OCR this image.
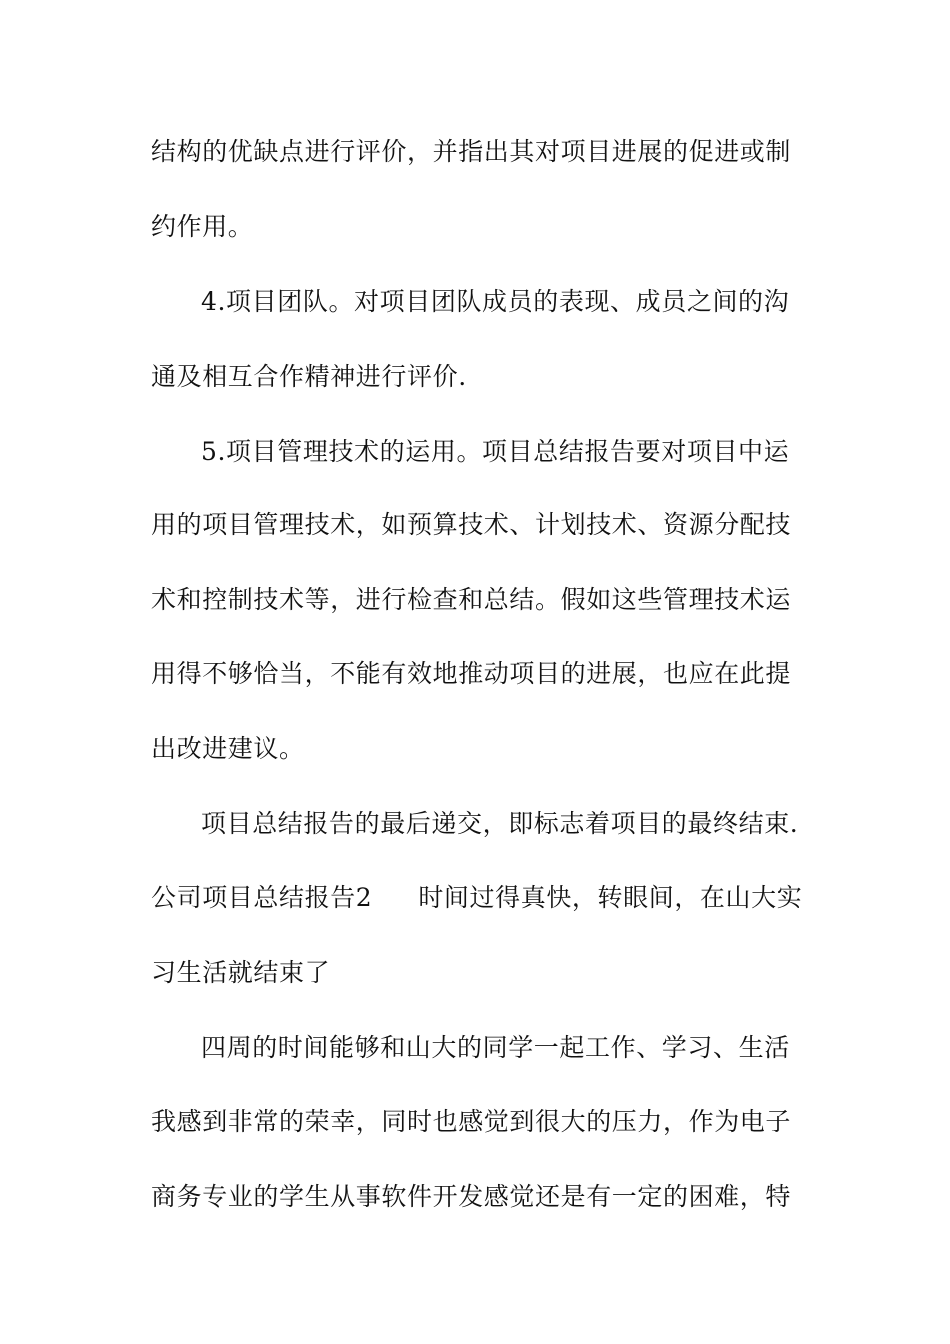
结构的优缺点进行评价，并指出其对项目进展的促进或制
约作用。
4.项目团队。对项目团队成员的表现、成员之间的沟
通及相互合作精神进行评价.
5.项目管理技术的运用。项目总结报告要对项目中运
用的项目管理技术，如预算技术、计划技术、资源分配技
术和控制技术等，进行检查和总结。假如这些管理技术运
用得不够恰当，不能有效地推动项目的进展，也应在此提
出改进建议。
项目总结报告的最后递交，即标志着项目的最终结束.
公司项目总结报告2 时间过得真快，转眼间，在山大实
习生活就结束了
四周的时间能够和山大的同学一起工作、学习、生活
我感到非常的荣幸，同时也感觉到很大的压力，作为电子
商务专业的学生从事软件开发感觉还是有一定的困难，特
